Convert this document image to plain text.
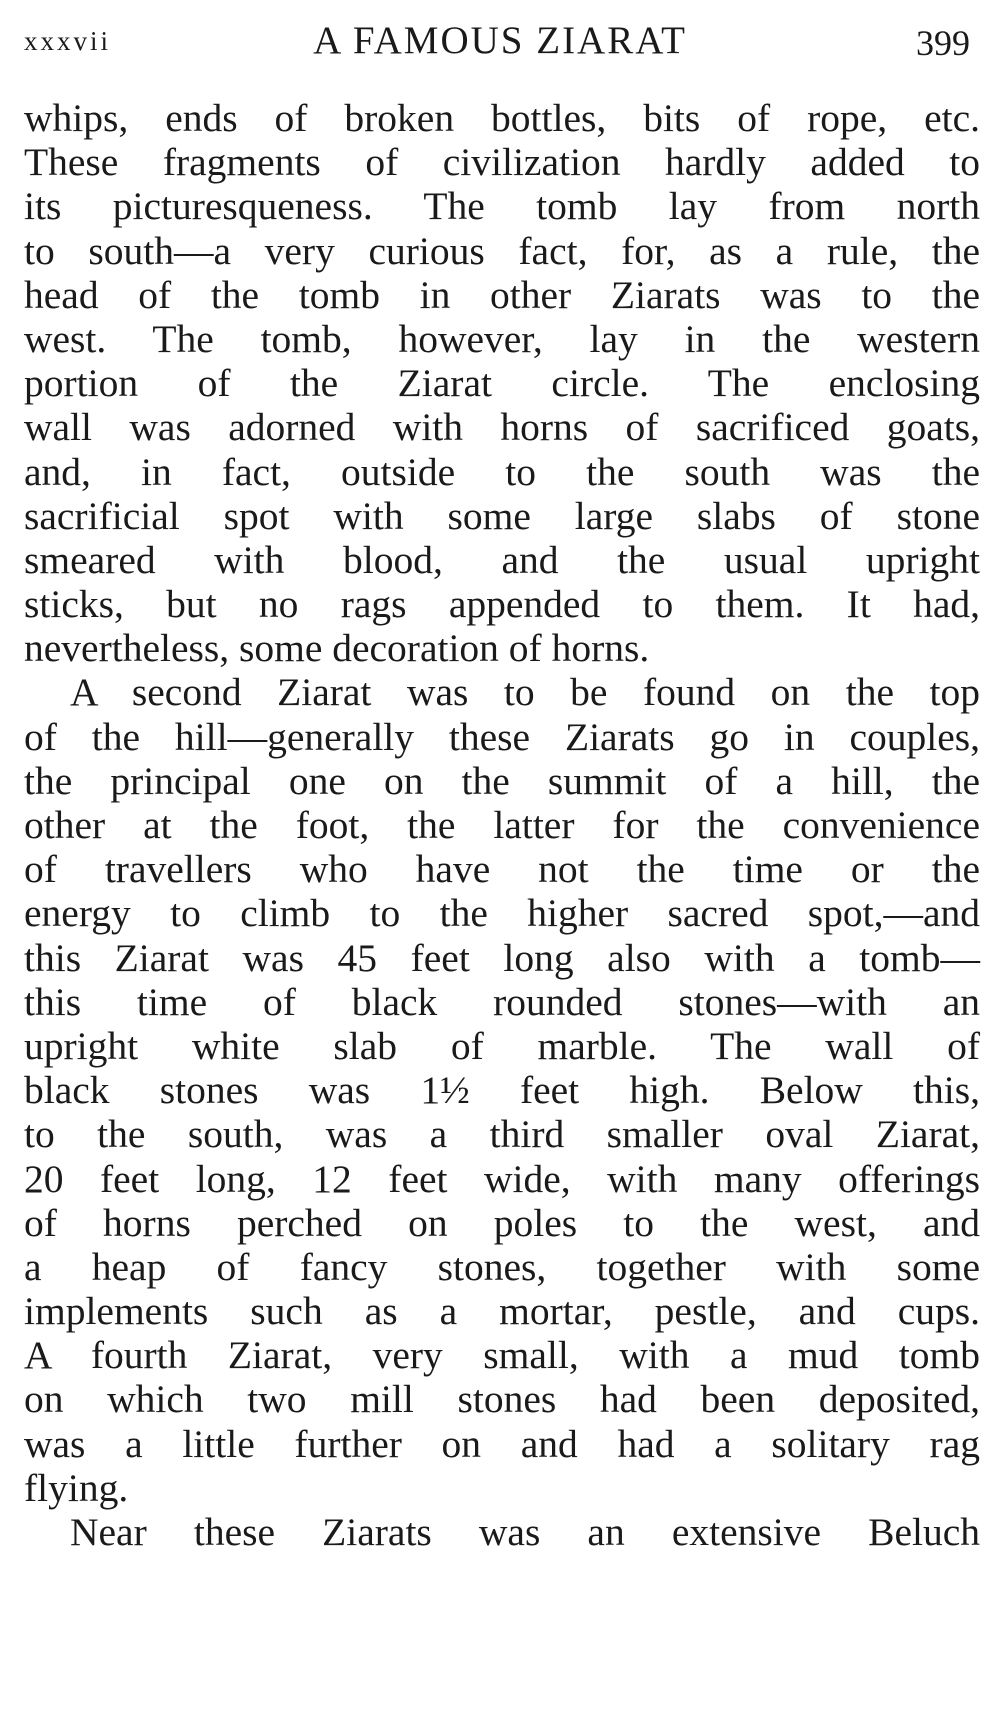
xxxvii	A FAMOUS ZIARAT	399
whips, ends of broken bottles, bits of rope, etc.
These fragments of civilization hardly added to
its picturesqueness. The tomb lay from north
to south—a very curious fact, for, as a rule, the
head of the tomb in other Ziarats was to the
west. The tomb, however, lay in the western
portion of the Ziarat circle. The enclosing
wall was adorned with horns of sacrificed goats,
and, in fact, outside to the south was the
sacrificial spot with some large slabs of stone
smeared with blood, and the usual upright
sticks, but no rags appended to them. It had,
nevertheless, some decoration of horns.
A second Ziarat was to be found on the top
of the hill—generally these Ziarats go in couples,
the principal one on the summit of a hill, the
other at the foot, the latter for the convenience
of travellers who have not the time or the
energy to climb to the higher sacred spot,—and
this Ziarat was 45 feet long also with a tomb—
this time of black rounded stones—with an
upright white slab of marble. The wall of
black stones was 1½ feet high. Below this,
to the south, was a third smaller oval Ziarat,
20 feet long, 12 feet wide, with many offerings
of horns perched on poles to the west, and
a heap of fancy stones, together with some
implements such as a mortar, pestle, and cups.
A fourth Ziarat, very small, with a mud tomb
on which two mill stones had been deposited,
was a little further on and had a solitary rag
flying.
Near these Ziarats was an extensive Beluch
